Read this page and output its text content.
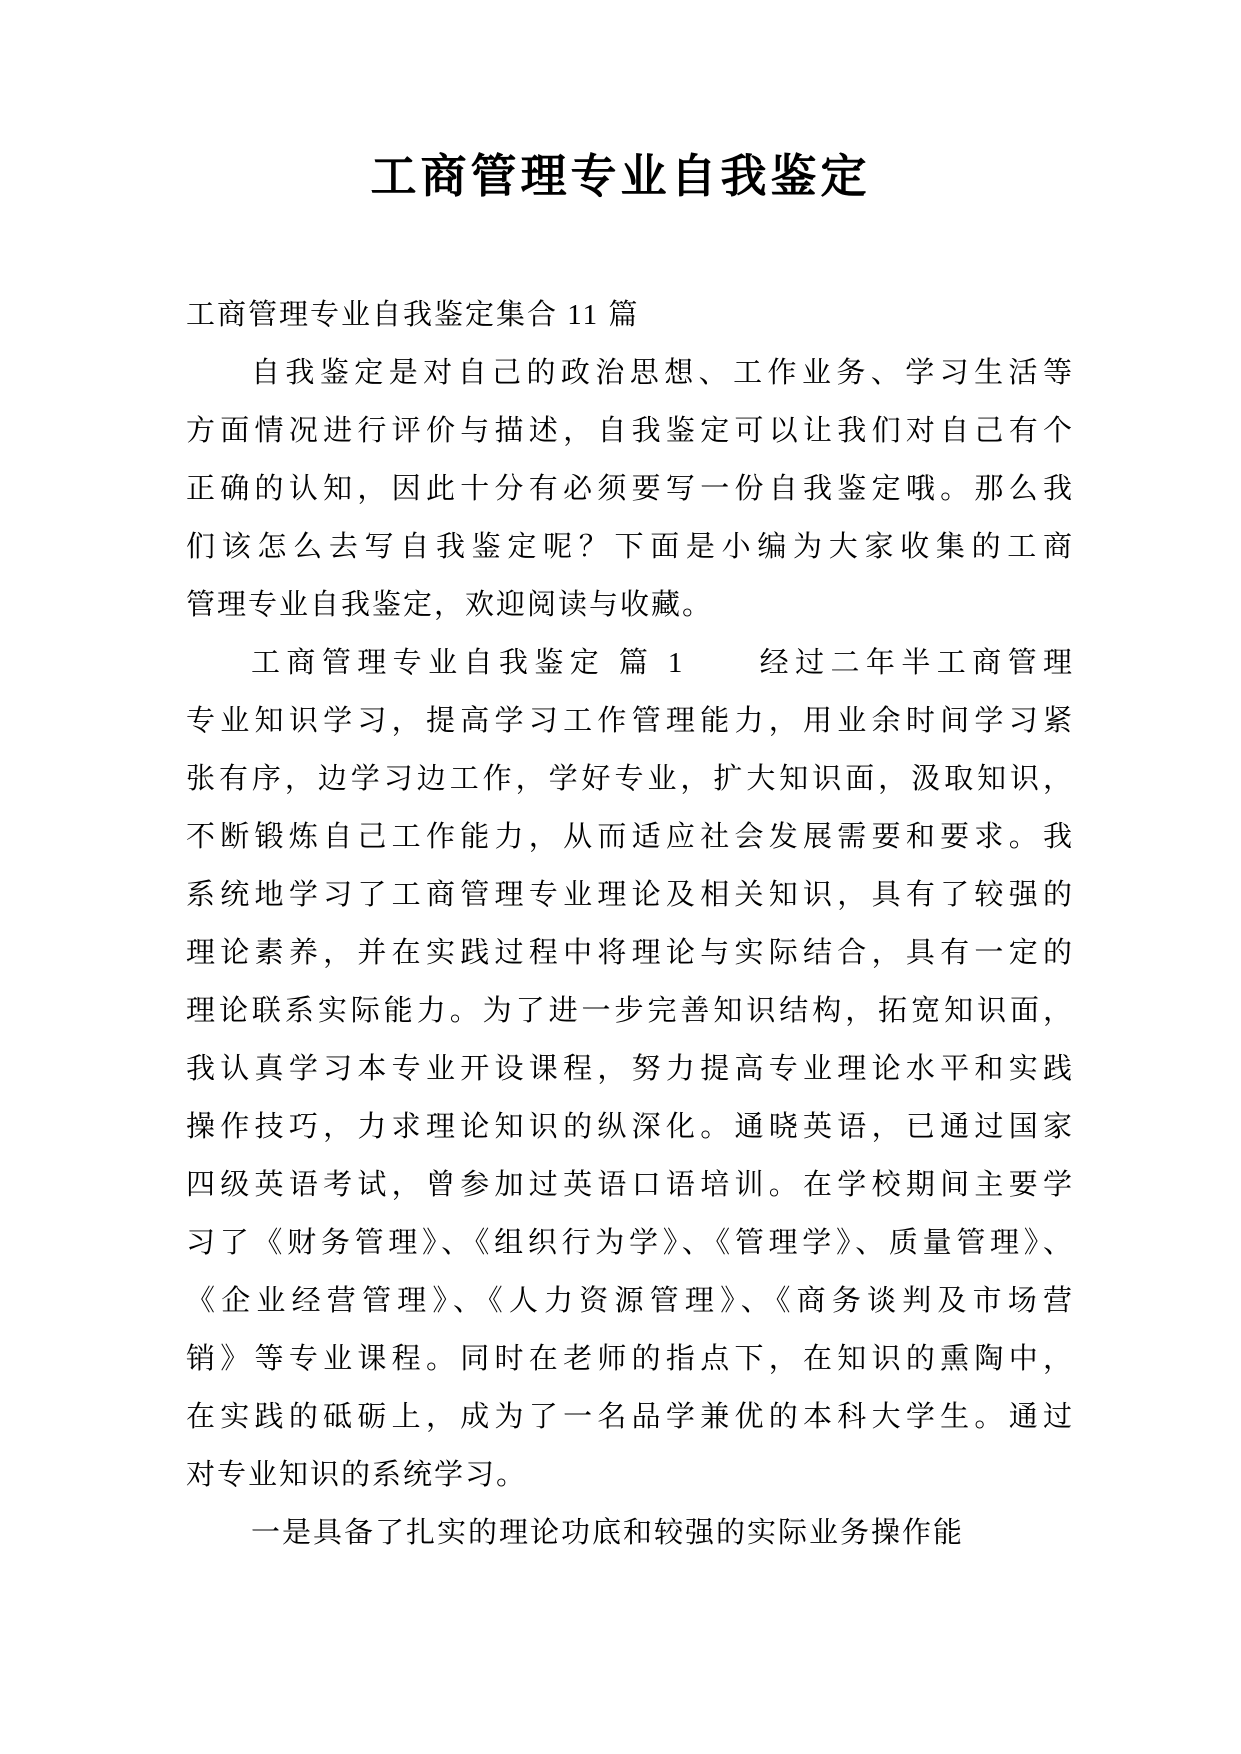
工商管理专业自我鉴定
工商管理专业自我鉴定集合 11 篇
自我鉴定是对自己的政治思想、工作业务、学习生活等
方面情况进行评价与描述，自我鉴定可以让我们对自己有个
正确的认知，因此十分有必须要写一份自我鉴定哦。那么我
们该怎么去写自我鉴定呢？下面是小编为大家收集的工商
管理专业自我鉴定，欢迎阅读与收藏。
工商管理专业自我鉴定 篇 1　　经过二年半工商管理
专业知识学习，提高学习工作管理能力，用业余时间学习紧
张有序，边学习边工作，学好专业，扩大知识面，汲取知识，
不断锻炼自己工作能力，从而适应社会发展需要和要求。我
系统地学习了工商管理专业理论及相关知识，具有了较强的
理论素养，并在实践过程中将理论与实际结合，具有一定的
理论联系实际能力。为了进一步完善知识结构，拓宽知识面，
我认真学习本专业开设课程，努力提高专业理论水平和实践
操作技巧，力求理论知识的纵深化。通晓英语，已通过国家
四级英语考试，曾参加过英语口语培训。在学校期间主要学
习了《财务管理》、《组织行为学》、《管理学》、质量管理》、
《企业经营管理》、《人力资源管理》、《商务谈判及市场营
销》等专业课程。同时在老师的指点下，在知识的熏陶中，
在实践的砥砺上，成为了一名品学兼优的本科大学生。通过
对专业知识的系统学习。
一是具备了扎实的理论功底和较强的实际业务操作能
